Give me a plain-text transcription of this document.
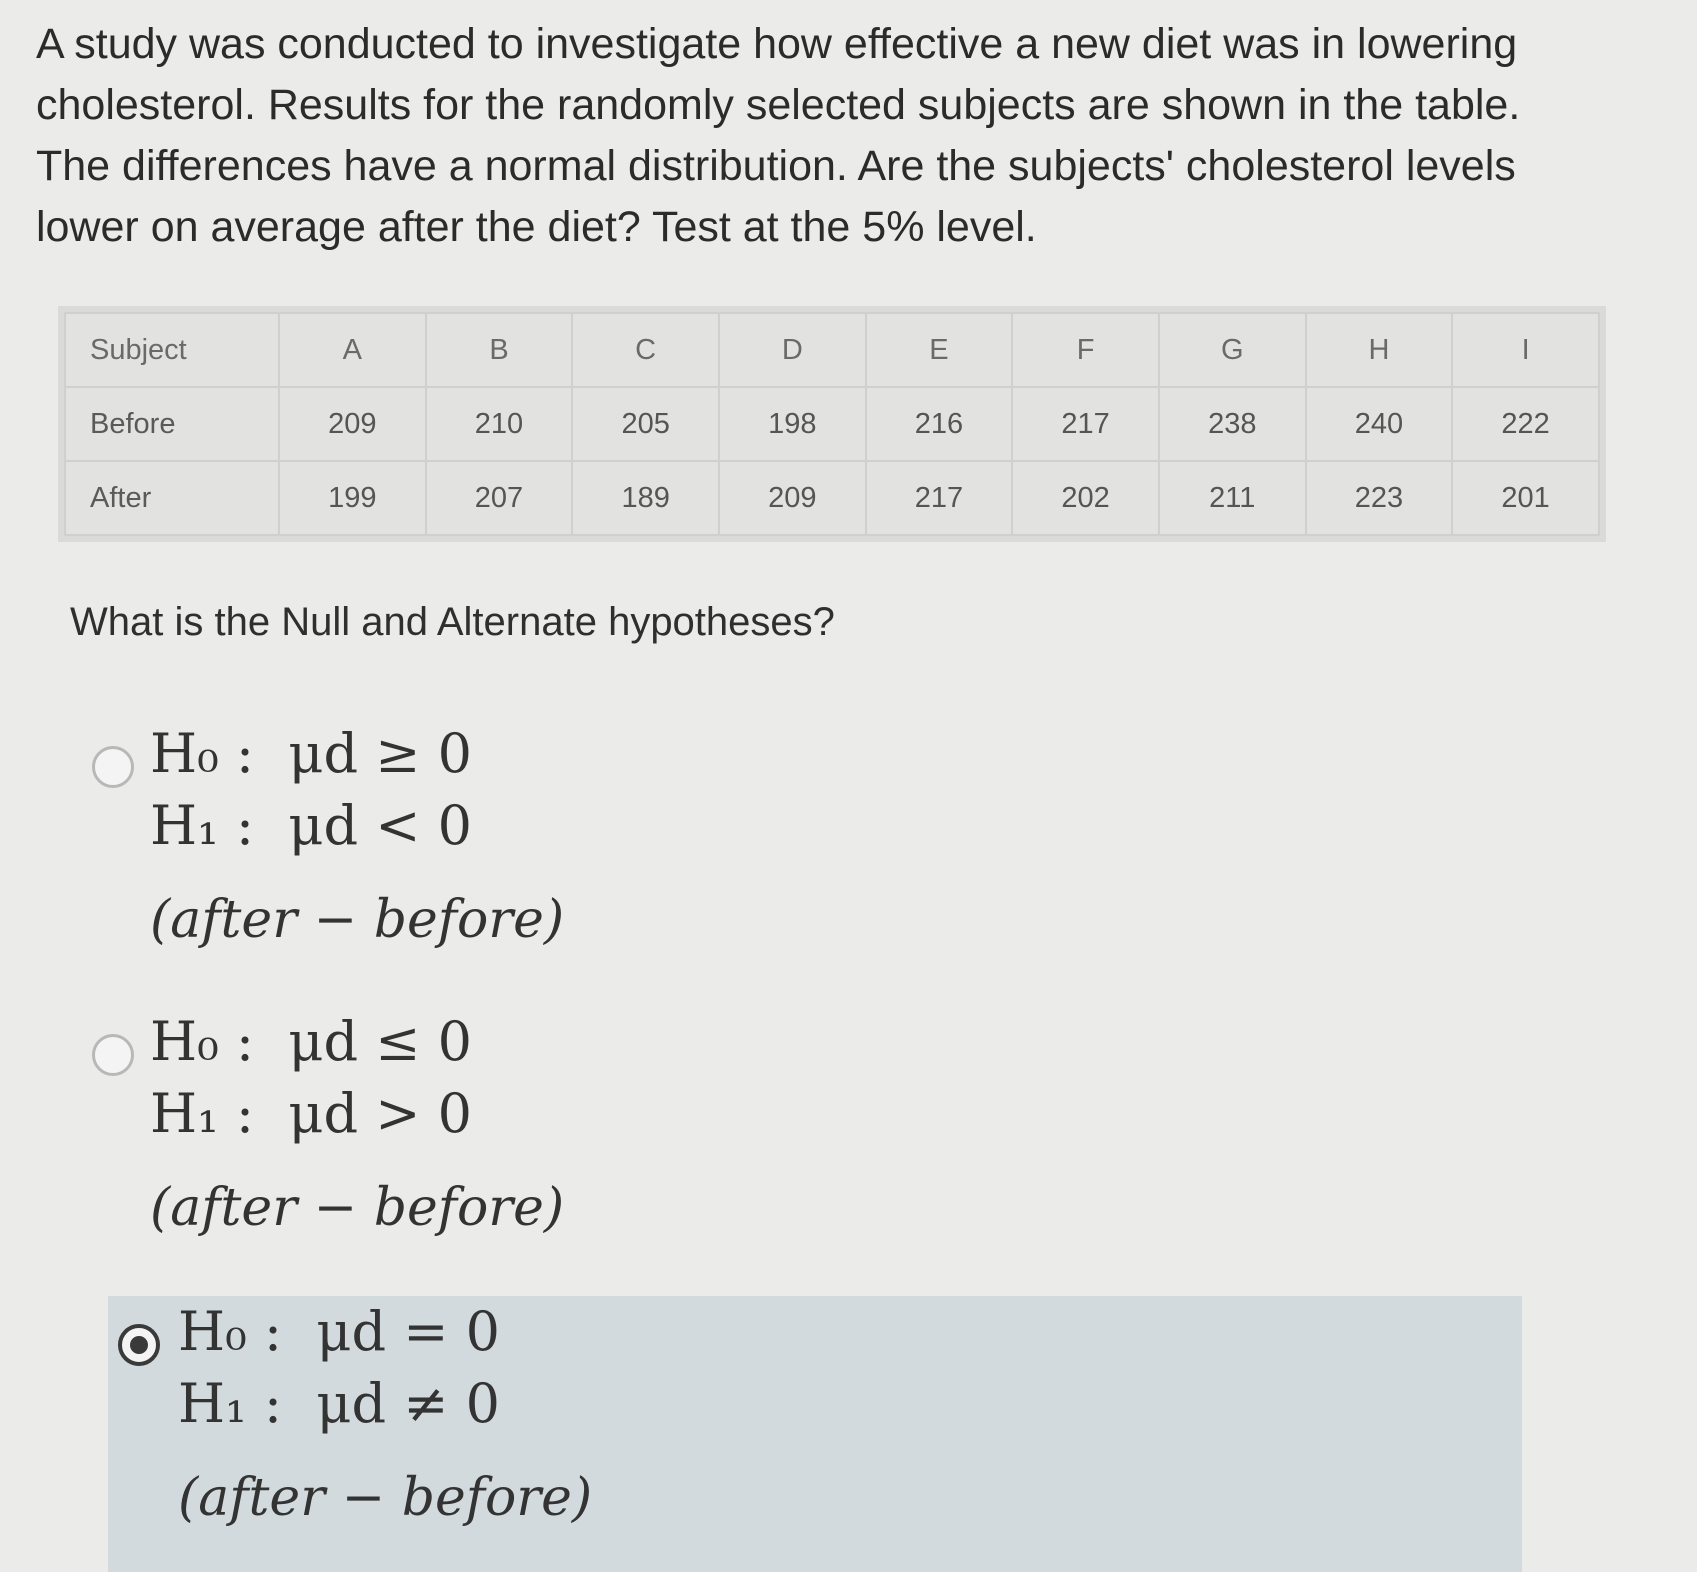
A study was conducted to investigate how effective a new diet was in lowering cholesterol. Results for the randomly selected subjects are shown in the table. The differences have a normal distribution. Are the subjects' cholesterol levels lower on average after the diet? Test at the 5% level.

Subject	A	B	C	D	E	F	G	H	I
Before	209	210	205	198	216	217	238	240	222
After	199	207	189	209	217	202	211	223	201

What is the Null and Alternate hypotheses?

H₀ :  μd ≥ 0
H₁ :  μd < 0
(after − before)
H₀ :  μd ≤ 0
H₁ :  μd > 0
(after − before)
H₀ :  μd = 0
H₁ :  μd ≠ 0
(after − before)
